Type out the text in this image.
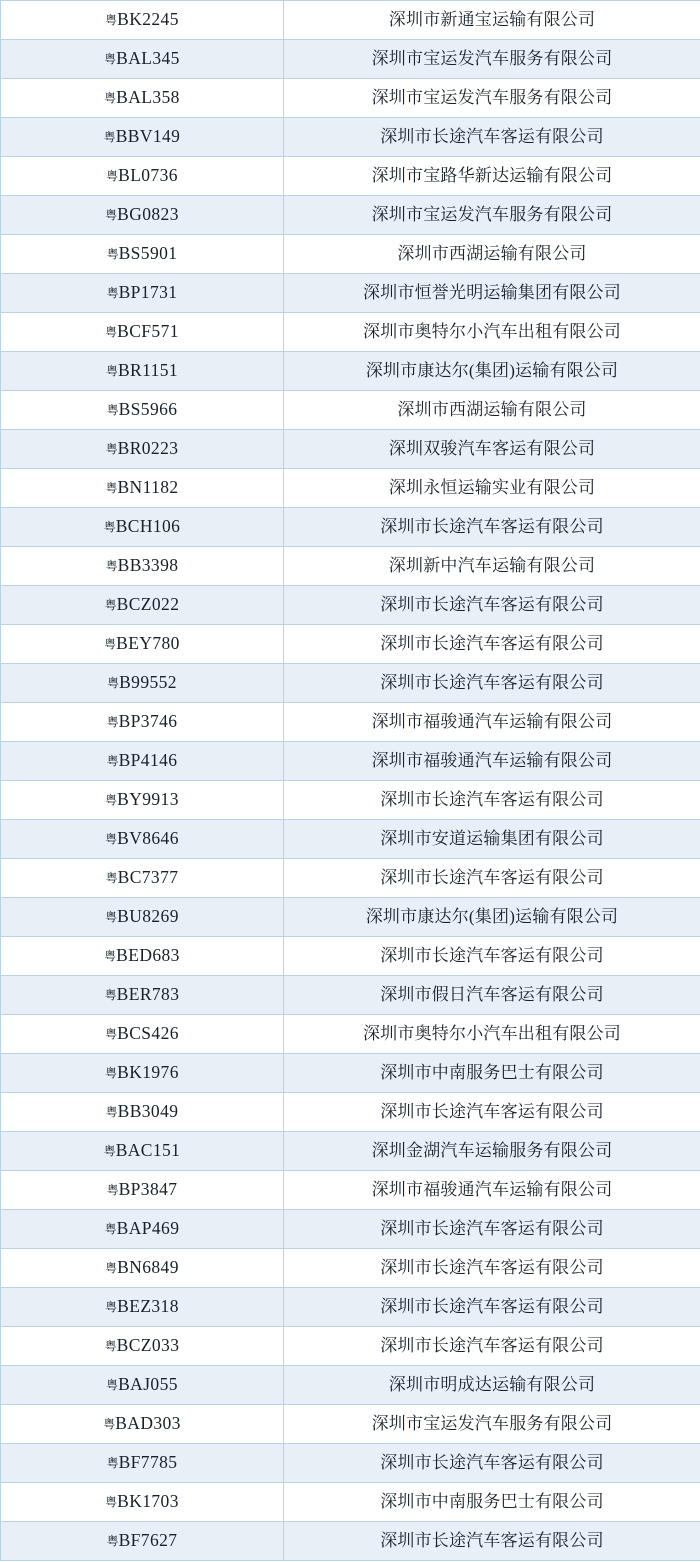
粤BK2245	深圳市新通宝运输有限公司
粤BAL345	深圳市宝运发汽车服务有限公司
粤BAL358	深圳市宝运发汽车服务有限公司
粤BBV149	深圳市长途汽车客运有限公司
粤BL0736	深圳市宝路华新达运输有限公司
粤BG0823	深圳市宝运发汽车服务有限公司
粤BS5901	深圳市西湖运输有限公司
粤BP1731	深圳市恒誉光明运输集团有限公司
粤BCF571	深圳市奥特尔小汽车出租有限公司
粤BR1151	深圳市康达尔(集团)运输有限公司
粤BS5966	深圳市西湖运输有限公司
粤BR0223	深圳双骏汽车客运有限公司
粤BN1182	深圳永恒运输实业有限公司
粤BCH106	深圳市长途汽车客运有限公司
粤BB3398	深圳新中汽车运输有限公司
粤BCZ022	深圳市长途汽车客运有限公司
粤BEY780	深圳市长途汽车客运有限公司
粤B99552	深圳市长途汽车客运有限公司
粤BP3746	深圳市福骏通汽车运输有限公司
粤BP4146	深圳市福骏通汽车运输有限公司
粤BY9913	深圳市长途汽车客运有限公司
粤BV8646	深圳市安道运输集团有限公司
粤BC7377	深圳市长途汽车客运有限公司
粤BU8269	深圳市康达尔(集团)运输有限公司
粤BED683	深圳市长途汽车客运有限公司
粤BER783	深圳市假日汽车客运有限公司
粤BCS426	深圳市奥特尔小汽车出租有限公司
粤BK1976	深圳市中南服务巴士有限公司
粤BB3049	深圳市长途汽车客运有限公司
粤BAC151	深圳金湖汽车运输服务有限公司
粤BP3847	深圳市福骏通汽车运输有限公司
粤BAP469	深圳市长途汽车客运有限公司
粤BN6849	深圳市长途汽车客运有限公司
粤BEZ318	深圳市长途汽车客运有限公司
粤BCZ033	深圳市长途汽车客运有限公司
粤BAJ055	深圳市明成达运输有限公司
粤BAD303	深圳市宝运发汽车服务有限公司
粤BF7785	深圳市长途汽车客运有限公司
粤BK1703	深圳市中南服务巴士有限公司
粤BF7627	深圳市长途汽车客运有限公司
